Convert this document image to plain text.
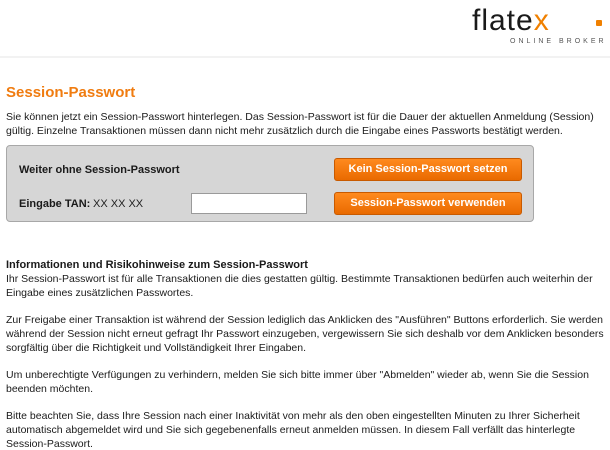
flatex
ONLINE BROKER
Session-Passwort
Sie können jetzt ein Session-Passwort hinterlegen. Das Session-Passwort ist für die Dauer der aktuellen Anmeldung (Session) gültig. Einzelne Transaktionen müssen dann nicht mehr zusätzlich durch die Eingabe eines Passworts bestätigt werden.
Weiter ohne Session-Passwort	Kein Session-Passwort setzen
Eingabe TAN: XX XX XX	Session-Passwort verwenden
Informationen und Risikohinweise zum Session-Passwort

Ihr Session-Passwort ist für alle Transaktionen die dies gestatten gültig. Bestimmte Transaktionen bedürfen auch weiterhin der Eingabe eines zusätzlichen Passwortes.

Zur Freigabe einer Transaktion ist während der Session lediglich das Anklicken des "Ausführen" Buttons erforderlich. Sie werden während der Session nicht erneut gefragt Ihr Passwort einzugeben, vergewissern Sie sich deshalb vor dem Anklicken besonders sorgfältig über die Richtigkeit und Vollständigkeit Ihrer Eingaben.

Um unberechtigte Verfügungen zu verhindern, melden Sie sich bitte immer über "Abmelden" wieder ab, wenn Sie die Session beenden möchten.

Bitte beachten Sie, dass Ihre Session nach einer Inaktivität von mehr als den oben eingestellten Minuten zu Ihrer Sicherheit automatisch abgemeldet wird und Sie sich gegebenenfalls erneut anmelden müssen. In diesem Fall verfällt das hinterlegte Session-Passwort.
